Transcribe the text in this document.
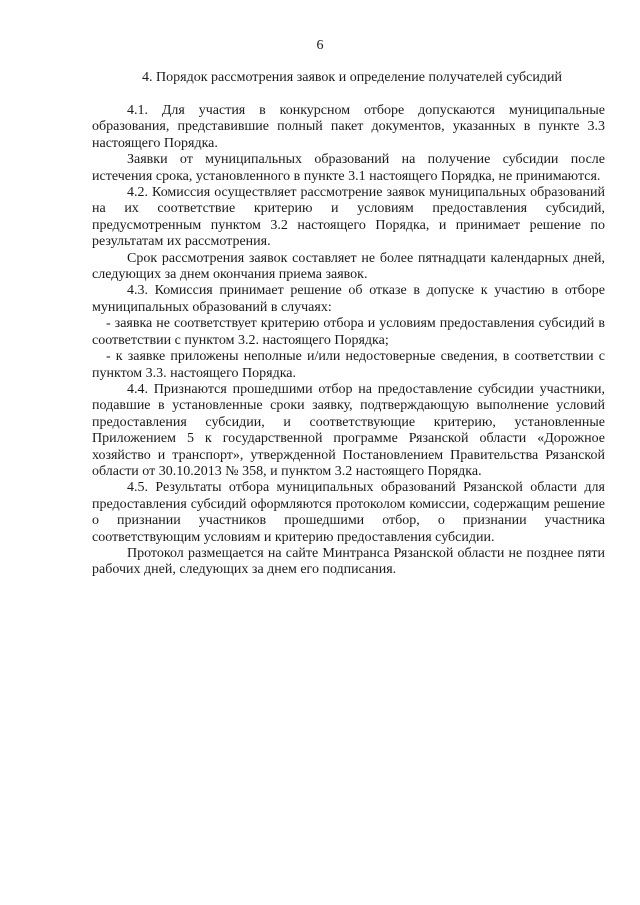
6
4. Порядок рассмотрения заявок и определение получателей субсидий

4.1. Для участия в конкурсном отборе допускаются муниципальные образования, представившие полный пакет документов, указанных в пункте 3.3 настоящего Порядка.

Заявки от муниципальных образований на получение субсидии после истечения срока, установленного в пункте 3.1 настоящего Порядка, не принимаются.

4.2. Комиссия осуществляет рассмотрение заявок муниципальных образований на их соответствие критерию и условиям предоставления субсидий, предусмотренным пунктом 3.2 настоящего Порядка, и принимает решение по результатам их рассмотрения.

Срок рассмотрения заявок составляет не более пятнадцати календарных дней, следующих за днем окончания приема заявок.

4.3. Комиссия принимает решение об отказе в допуске к участию в отборе муниципальных образований в случаях:

- заявка не соответствует критерию отбора и условиям предоставления субсидий в соответствии с пунктом 3.2. настоящего Порядка;

- к заявке приложены неполные и/или недостоверные сведения, в соответствии с пунктом 3.3. настоящего Порядка.

4.4. Признаются прошедшими отбор на предоставление субсидии участники, подавшие в установленные сроки заявку, подтверждающую выполнение условий предоставления субсидии, и соответствующие критерию, установленные Приложением 5 к государственной программе Рязанской области «Дорожное хозяйство и транспорт», утвержденной Постановлением Правительства Рязанской области от 30.10.2013 № 358, и пунктом 3.2 настоящего Порядка.

4.5. Результаты отбора муниципальных образований Рязанской области для предоставления субсидий оформляются протоколом комиссии, содержащим решение о признании участников прошедшими отбор, о признании участника соответствующим условиям и критерию предоставления субсидии.

Протокол размещается на сайте Минтранса Рязанской области не позднее пяти рабочих дней, следующих за днем его подписания.
